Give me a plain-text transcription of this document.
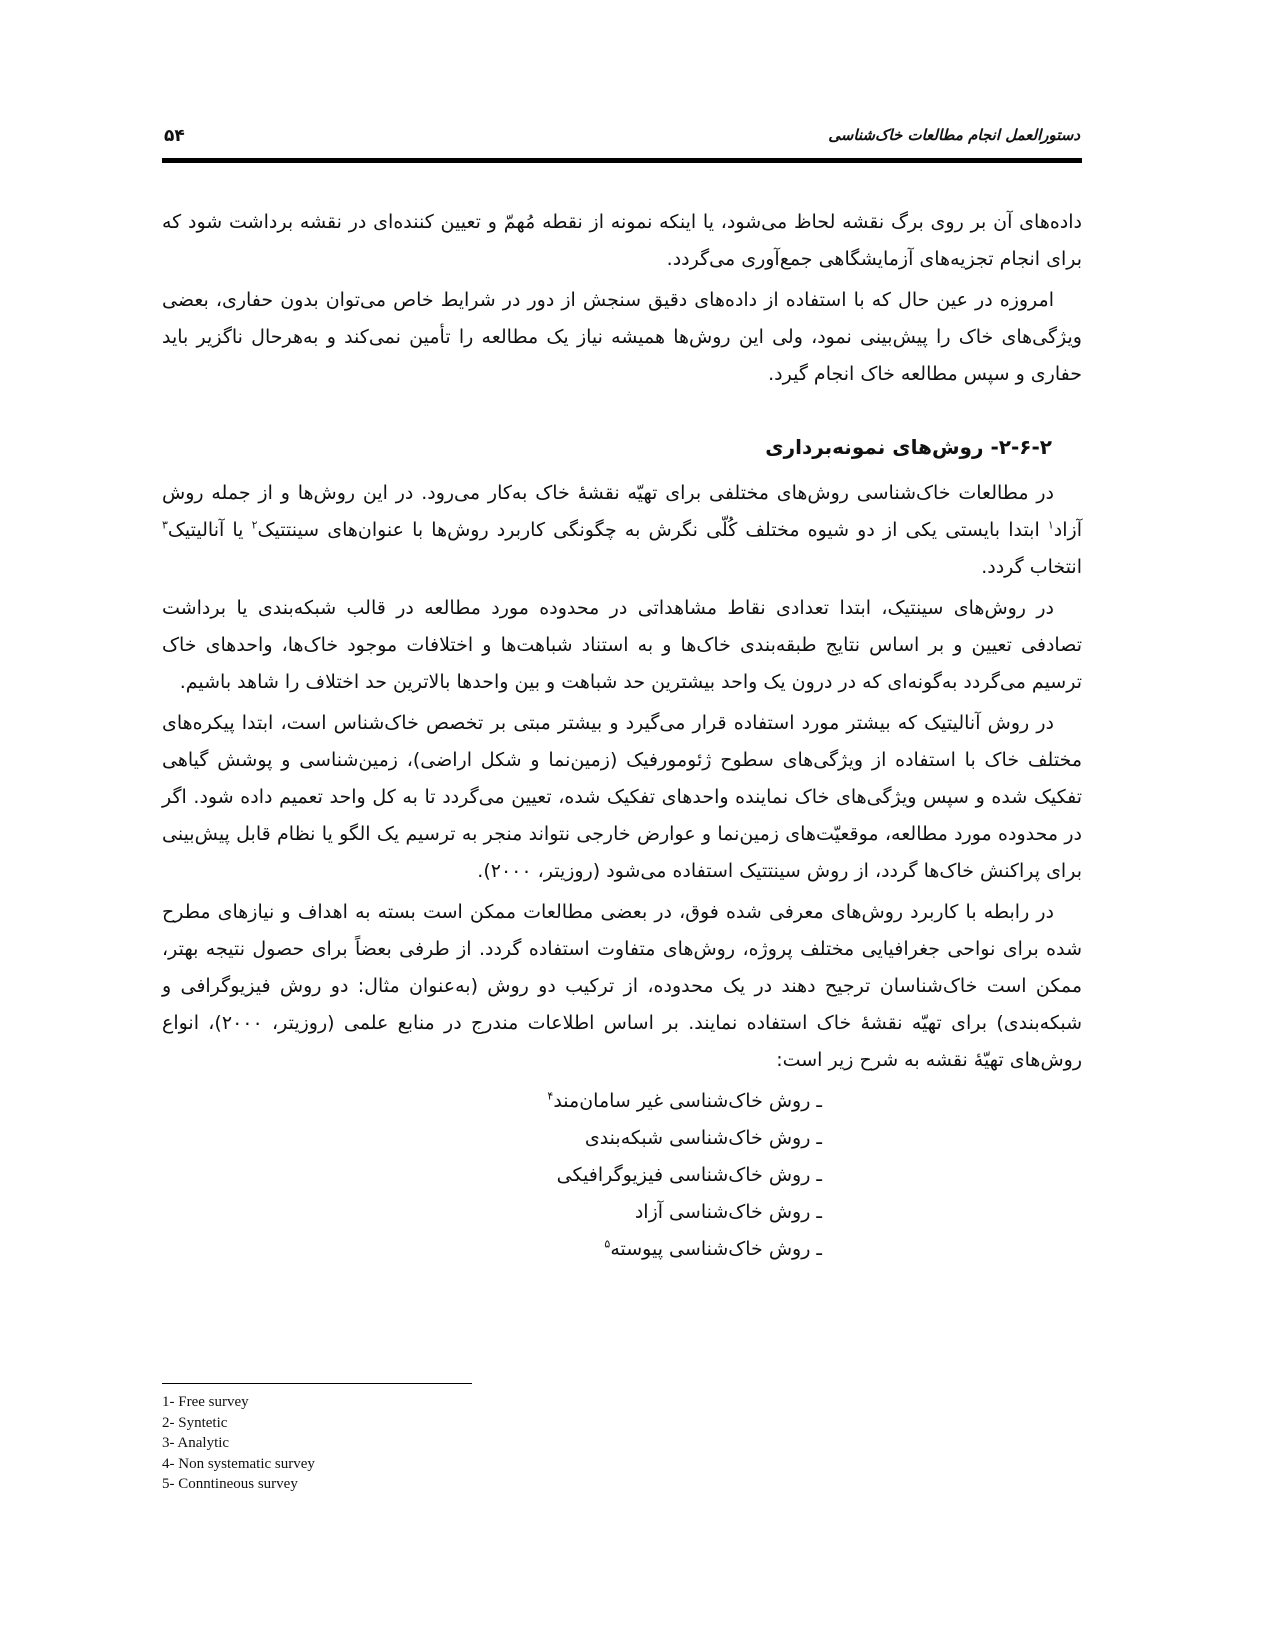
۵۴	دستورالعمل انجام مطالعات خاک‌شناسی

داده‌های آن بر روی برگ نقشه لحاظ می‌شود، یا اینکه نمونه از نقطه مُهمّ و تعیین کننده‌ای در نقشه برداشت شود که برای انجام تجزیه‌های آزمایشگاهی جمع‌آوری می‌گردد.

امروزه در عین حال که با استفاده از داده‌های دقیق سنجش از دور در شرایط خاص می‌توان بدون حفاری، بعضی ویژگی‌های خاک را پیش‌بینی نمود، ولی این روش‌ها همیشه نیاز یک مطالعه را تأمین نمی‌کند و به‌هرحال ناگزیر باید حفاری و سپس مطالعه خاک انجام گیرد.

۲-۶-۲- روش‌های نمونه‌برداری

در مطالعات خاک‌شناسی روش‌های مختلفی برای تهیّه نقشهٔ خاک به‌کار می‌رود. در این روش‌ها و از جمله روش آزاد$^۱$ ابتدا بایستی یکی از دو شیوه مختلف کُلّی نگرش به چگونگی کاربرد روش‌ها با عنوان‌های سینتتیک$^۲$ یا آنالیتیک$^۳$ انتخاب گردد.

در روش‌های سینتیک، ابتدا تعدادی نقاط مشاهداتی در محدوده مورد مطالعه در قالب شبکه‌بندی یا برداشت تصادفی تعیین و بر اساس نتایج طبقه‌بندی خاک‌ها و به استناد شباهت‌ها و اختلافات موجود خاک‌ها، واحدهای خاک ترسیم می‌گردد به‌گونه‌ای که در درون یک واحد بیشترین حد شباهت و بین واحدها بالاترین حد اختلاف را شاهد باشیم.

در روش آنالیتیک که بیشتر مورد استفاده قرار می‌گیرد و بیشتر مبتی بر تخصص خاک‌شناس است، ابتدا پیکره‌های مختلف خاک با استفاده از ویژگی‌های سطوح ژئومورفیک (زمین‌نما و شکل اراضی)، زمین‌شناسی و پوشش گیاهی تفکیک شده و سپس ویژگی‌های خاک نماینده واحدهای تفکیک شده، تعیین می‌گردد تا به کل واحد تعمیم داده شود. اگر در محدوده مورد مطالعه، موقعیّت‌های زمین‌نما و عوارض خارجی نتواند منجر به ترسیم یک الگو یا نظام قابل پیش‌بینی برای پراکنش خاک‌ها گردد، از روش سینتتیک استفاده می‌شود (روزیتر، ۲۰۰۰).

در رابطه با کاربرد روش‌های معرفی شده فوق، در بعضی مطالعات ممکن است بسته به اهداف و نیازهای مطرح شده برای نواحی جغرافیایی مختلف پروژه، روش‌های متفاوت استفاده گردد. از طرفی بعضاً برای حصول نتیجه بهتر، ممکن است خاک‌شناسان ترجیح دهند در یک محدوده، از ترکیب دو روش (به‌عنوان مثال: دو روش فیزیوگرافی و شبکه‌بندی) برای تهیّه نقشهٔ خاک استفاده نمایند. بر اساس اطلاعات مندرج در منابع علمی (روزیتر، ۲۰۰۰)، انواع روش‌های تهیّهٔ نقشه به شرح زیر است:

ـ روش خاک‌شناسی غیر سامان‌مند$^۴$
ـ روش خاک‌شناسی شبکه‌بندی
ـ روش خاک‌شناسی فیزیوگرافیکی
ـ روش خاک‌شناسی آزاد
ـ روش خاک‌شناسی پیوسته$^۵$
1- Free survey
2- Syntetic
3- Analytic
4- Non systematic survey
5- Conntineous survey
